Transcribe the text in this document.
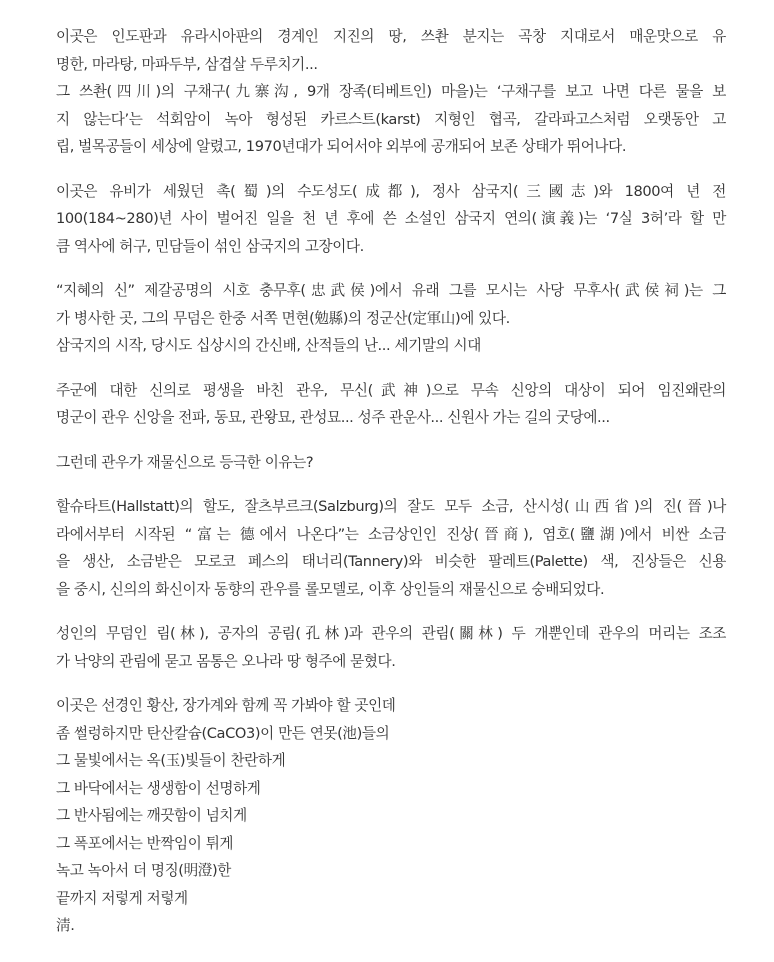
이곳은 인도판과 유라시아판의 경계인 지진의 땅, 쓰촨 분지는 곡창 지대로서 매운맛으로 유
명한, 마라탕, 마파두부, 삼겹살 두루치기...
그 쓰촨(四川)의 구채구(九寨沟, 9개 장족(티베트인) 마을)는 ‘구채구를 보고 나면 다른 물을 보
지 않는다’는 석회암이 녹아 형성된 카르스트(karst) 지형인 협곡, 갈라파고스처럼 오랫동안 고
립, 벌목공들이 세상에 알렸고, 1970년대가 되어서야 외부에 공개되어 보존 상태가 뛰어나다.
이곳은 유비가 세웠던 촉(蜀)의 수도성도(成都), 정사 삼국지(三國志)와 1800여 년 전
100(184~280)년 사이 벌어진 일을 천 년 후에 쓴 소설인 삼국지 연의(演義)는 ‘7실 3허’라 할 만
큼 역사에 허구, 민담들이 섞인 삼국지의 고장이다.
“지혜의 신” 제갈공명의 시호 충무후(忠武侯)에서 유래 그를 모시는 사당 무후사(武侯祠)는 그
가 병사한 곳, 그의 무덤은 한중 서쪽 면현(勉縣)의 정군산(定軍山)에 있다.
삼국지의 시작, 당시도 십상시의 간신배, 산적들의 난... 세기말의 시대
주군에 대한 신의로 평생을 바친 관우, 무신(武神)으로 무속 신앙의 대상이 되어 임진왜란의
명군이 관우 신앙을 전파, 동묘, 관왕묘, 관성묘... 성주 관운사... 신원사 가는 길의 굿당에...
그런데 관우가 재물신으로 등극한 이유는?
할슈타트(Hallstatt)의 할도, 잘츠부르크(Salzburg)의 잘도 모두 소금, 산시성(山西省)의 진(晉)나
라에서부터 시작된 “富는 德에서 나온다”는 소금상인인 진상(晉商), 염호(鹽湖)에서 비싼 소금
을 생산, 소금받은 모로코 페스의 태너리(Tannery)와 비슷한 팔레트(Palette) 색, 진상들은 신용
을 중시, 신의의 화신이자 동향의 관우를 롤모델로, 이후 상인들의 재물신으로 숭배되었다.
성인의 무덤인 림(林), 공자의 공림(孔林)과 관우의 관림(關林) 두 개뿐인데 관우의 머리는 조조
가 낙양의 관림에 묻고 몸통은 오나라 땅 형주에 묻혔다.
이곳은 선경인 황산, 장가계와 함께 꼭 가봐야 할 곳인데
좀 썰렁하지만 탄산칼슘(CaCO3)이 만든 연못(池)들의
그 물빛에서는 옥(玉)빛들이 찬란하게
그 바닥에서는 생생함이 선명하게
그 반사됨에는 깨끗함이 넘치게
그 폭포에서는 반짝임이 튀게
녹고 녹아서 더 명징(明澄)한
끝까지 저렇게 저렇게
淸.
